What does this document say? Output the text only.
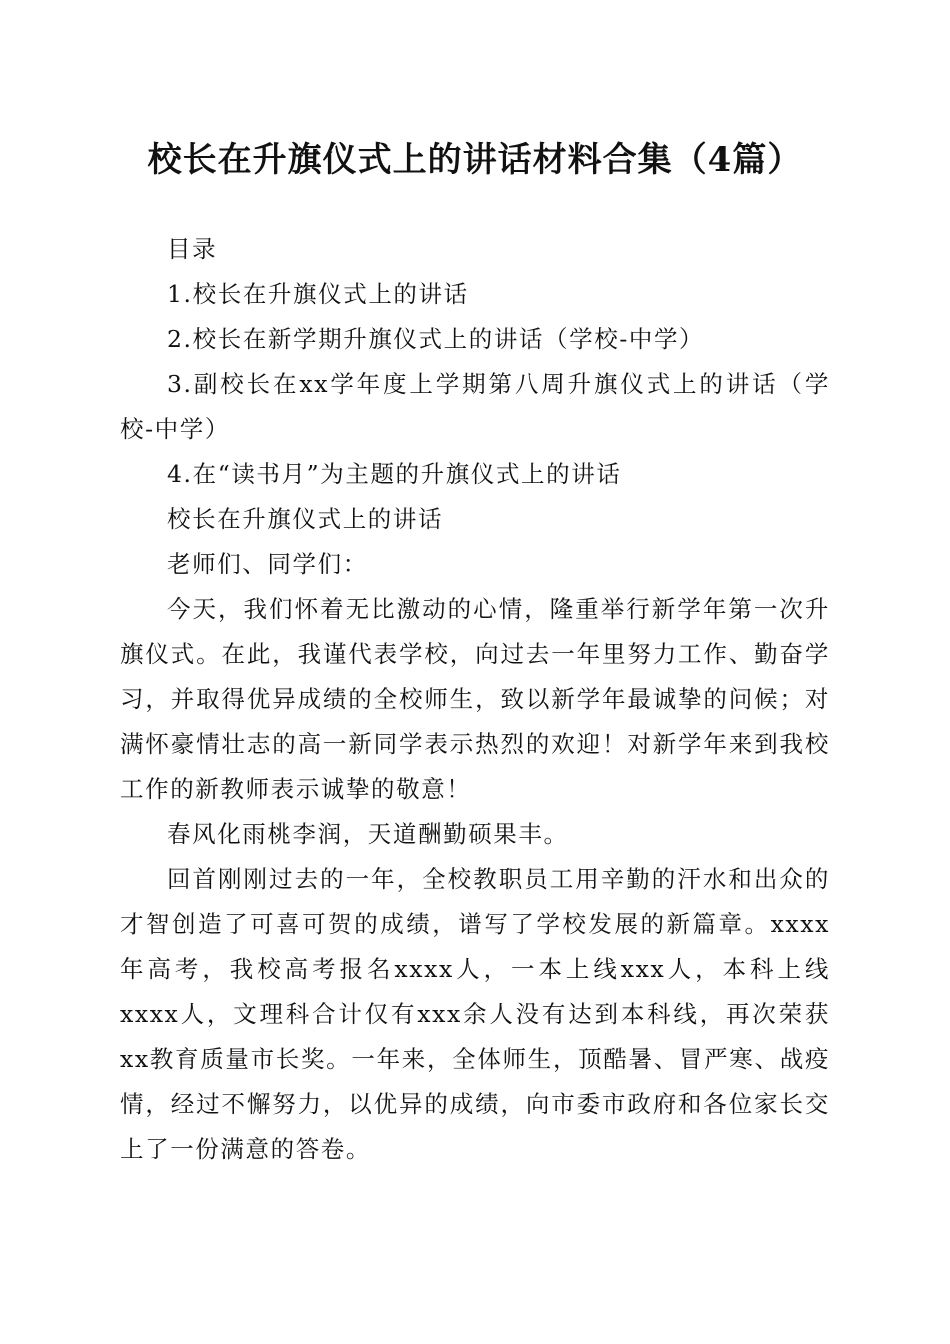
校长在升旗仪式上的讲话材料合集（4篇）

目录

1.校长在升旗仪式上的讲话

2.校长在新学期升旗仪式上的讲话（学校-中学）

3.副校长在xx学年度上学期第八周升旗仪式上的讲话（学校-中学）

4.在“读书月”为主题的升旗仪式上的讲话

校长在升旗仪式上的讲话

老师们、同学们：

今天，我们怀着无比激动的心情，隆重举行新学年第一次升旗仪式。在此，我谨代表学校，向过去一年里努力工作、勤奋学习，并取得优异成绩的全校师生，致以新学年最诚挚的问候；对满怀豪情壮志的高一新同学表示热烈的欢迎！对新学年来到我校工作的新教师表示诚挚的敬意！

春风化雨桃李润，天道酬勤硕果丰。

回首刚刚过去的一年，全校教职员工用辛勤的汗水和出众的才智创造了可喜可贺的成绩，谱写了学校发展的新篇章。xxxx年高考，我校高考报名xxxx人，一本上线xxx人，本科上线xxxx人，文理科合计仅有xxx余人没有达到本科线，再次荣获xx教育质量市长奖。一年来，全体师生，顶酷暑、冒严寒、战疫情，经过不懈努力，以优异的成绩，向市委市政府和各位家长交上了一份满意的答卷。
